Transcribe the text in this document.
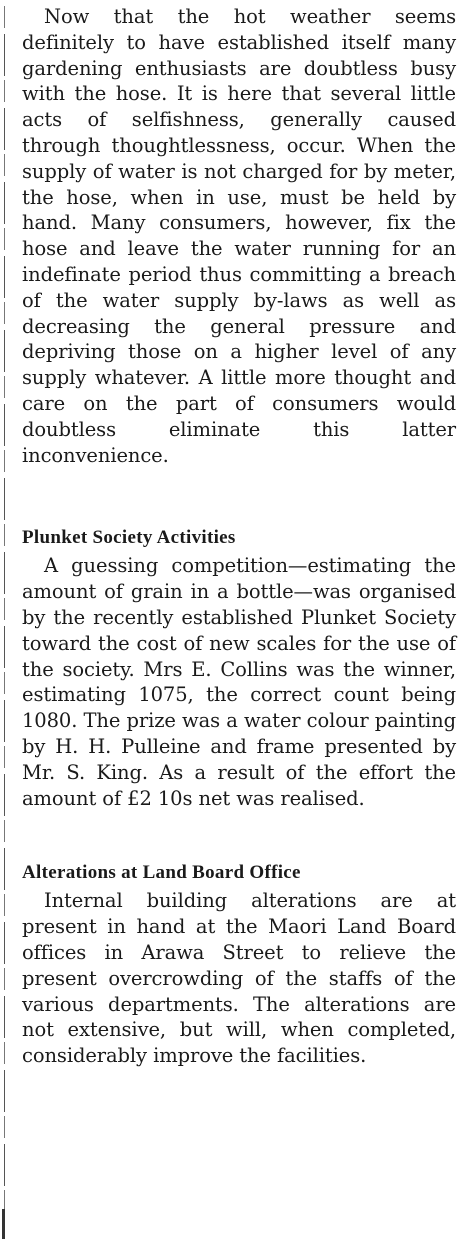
Now that the hot weather seems definitely to have established itself many gardening enthusiasts are doubtless busy with the hose. It is here that several little acts of selfishness, generally caused through thoughtlessness, occur. When the supply of water is not charged for by meter, the hose, when in use, must be held by hand. Many consumers, however, fix the hose and leave the water running for an indefinate period thus committing a breach of the water supply by-laws as well as decreasing the general pressure and depriving those on a higher level of any supply whatever. A little more thought and care on the part of consumers would doubtless eliminate this latter inconvenience.

Plunket Society Activities

A guessing competition—estimating the amount of grain in a bottle—was organised by the recently established Plunket Society toward the cost of new scales for the use of the society. Mrs E. Collins was the winner, estimating 1075, the correct count being 1080. The prize was a water colour painting by H. H. Pulleine and frame presented by Mr. S. King. As a result of the effort the amount of £2 10s net was realised.

Alterations at Land Board Office

Internal building alterations are at present in hand at the Maori Land Board offices in Arawa Street to relieve the present overcrowding of the staffs of the various departments. The alterations are not extensive, but will, when completed, considerably improve the facilities.
